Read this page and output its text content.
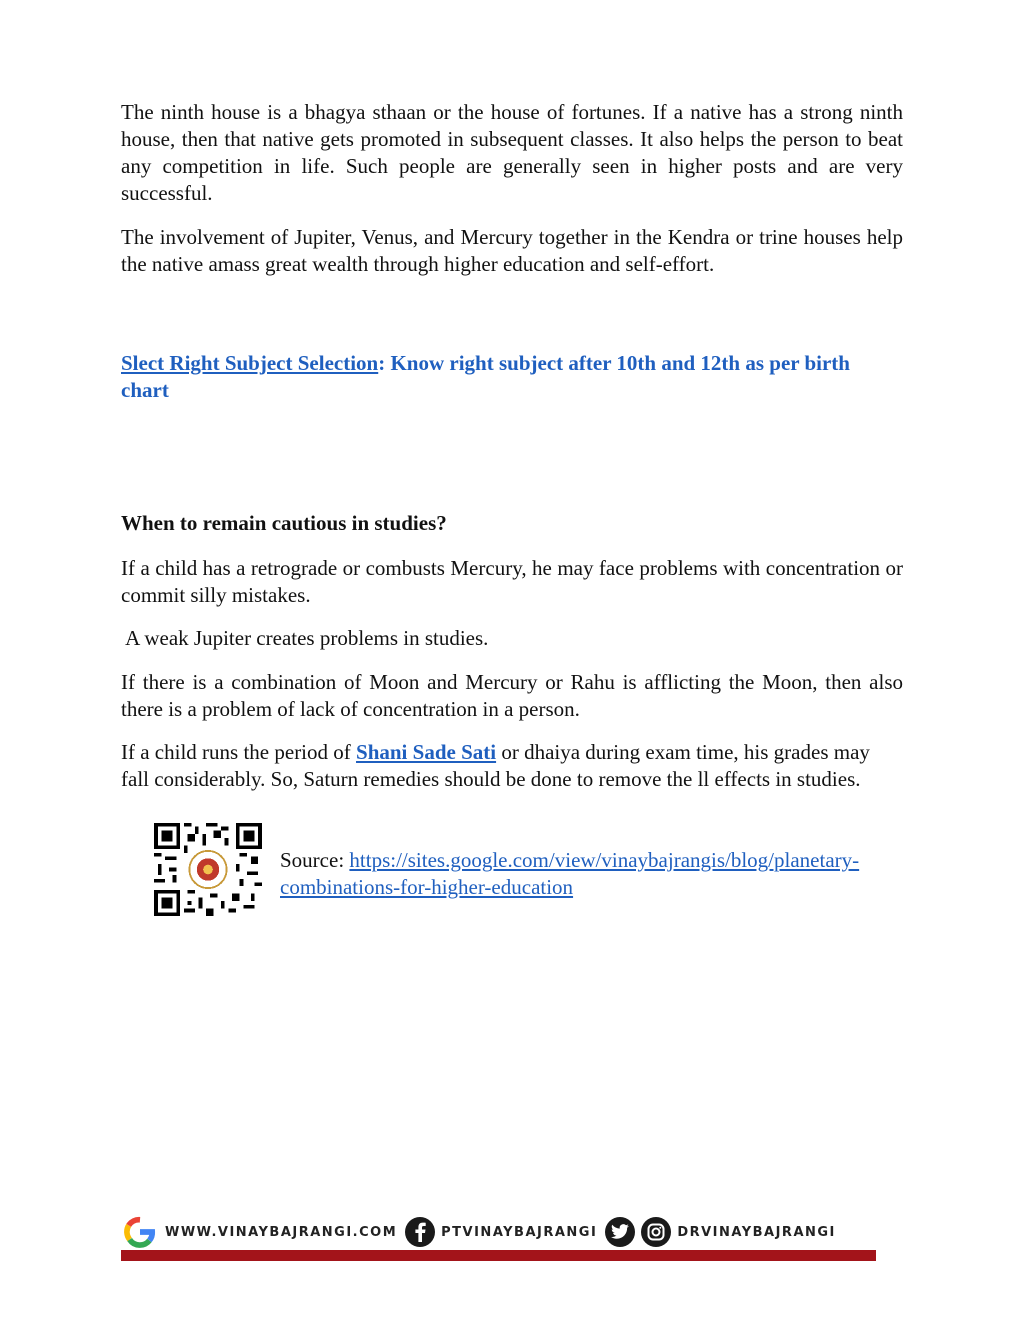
The ninth house is a bhagya sthaan or the house of fortunes. If a native has a strong ninth house, then that native gets promoted in subsequent classes. It also helps the person to beat any competition in life. Such people are generally seen in higher posts and are very successful.

The involvement of Jupiter, Venus, and Mercury together in the Kendra or trine houses help the native amass great wealth through higher education and self-effort.

Slect Right Subject Selection: Know right subject after 10th and 12th as per birth chart

When to remain cautious in studies?

If a child has a retrograde or combusts Mercury, he may face problems with concentration or commit silly mistakes.

A weak Jupiter creates problems in studies.

If there is a combination of Moon and Mercury or Rahu is afflicting the Moon, then also there is a problem of lack of concentration in a person.

If a child runs the period of Shani Sade Sati or dhaiya during exam time, his grades may fall considerably. So, Saturn remedies should be done to remove the ll effects in studies.

Source: https://sites.google.com/view/vinaybajrangis/blog/planetary-combinations-for-higher-education

WWW.VINAYBAJRANGI.COM	PTVINAYBAJRANGI	DRVINAYBAJRANGI
